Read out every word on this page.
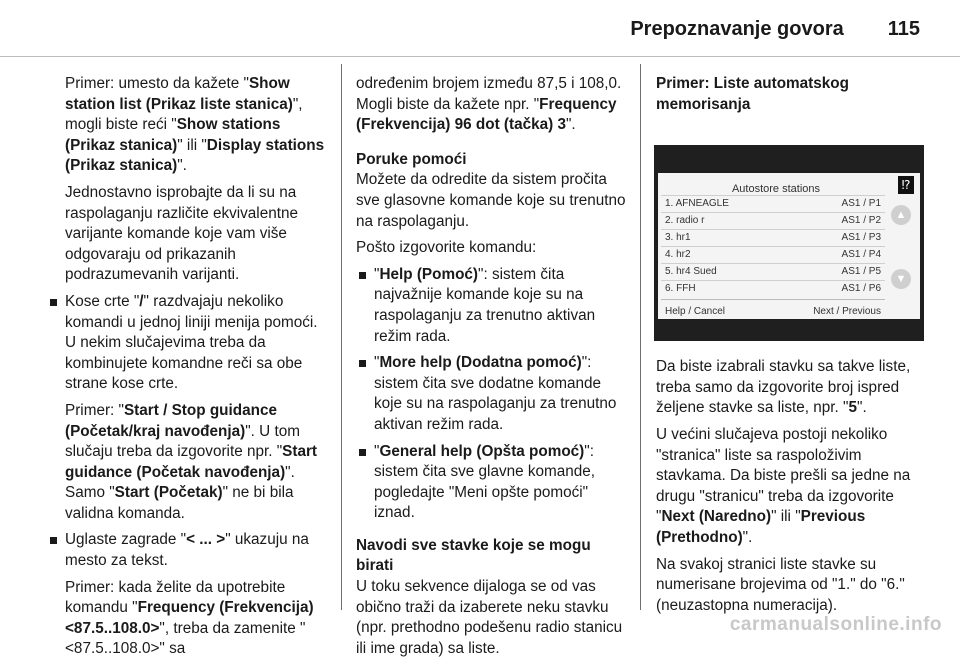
Prepoznavanje govora 115

Primer: umesto da kažete "Show station list (Prikaz liste stanica)", mogli biste reći "Show stations (Prikaz stanica)" ili "Display stations (Prikaz stanica)".

Jednostavno isprobajte da li su na raspolaganju različite ekvivalentne varijante komande koje vam više odgovaraju od prikazanih podrazumevanih varijanti.

Kose crte "/" razdvajaju nekoliko komandi u jednoj liniji menija pomoći. U nekim slučajevima treba da kombinujete komandne reči sa obe strane kose crte.

Primer: "Start / Stop guidance (Početak/kraj navođenja)". U tom slučaju treba da izgovorite npr. "Start guidance (Početak navođenja)". Samo "Start (Početak)" ne bi bila validna komanda.

Uglaste zagrade "< ... >" ukazuju na mesto za tekst.

Primer: kada želite da upotrebite komandu "Frequency (Frekvencija) <87.5..108.0>", treba da zamenite "<87.5..108.0>" sa

određenim brojem između 87,5 i 108,0. Mogli biste da kažete npr. "Frequency (Frekvencija) 96 dot (tačka) 3".

Poruke pomoći

Možete da odredite da sistem pročita sve glasovne komande koje su trenutno na raspolaganju.

Pošto izgovorite komandu:

"Help (Pomoć)": sistem čita najvažnije komande koje su na raspolaganju za trenutno aktivan režim rada.

"More help (Dodatna pomoć)": sistem čita sve dodatne komande koje su na raspolaganju za trenutno aktivan režim rada.

"General help (Opšta pomoć)": sistem čita sve glavne komande, pogledajte "Meni opšte pomoći" iznad.

Navodi sve stavke koje se mogu birati

U toku sekvence dijaloga se od vas obično traži da izaberete neku stavku (npr. prethodno podešenu radio stanicu ili ime grada) sa liste.

Primer: Liste automatskog memorisanja
Autostore stations	⁉
1. AFNEAGLE	AS1 / P1
2. radio r	AS1 / P2
3. hr1	AS1 / P3
4. hr2	AS1 / P4
5. hr4 Sued	AS1 / P5
6. FFH	AS1 / P6
▲
▼
Help / Cancel	Next / Previous

Da biste izabrali stavku sa takve liste, treba samo da izgovorite broj ispred željene stavke sa liste, npr. "5".

U većini slučajeva postoji nekoliko "stranica" liste sa raspoloživim stavkama. Da biste prešli sa jedne na drugu "stranicu" treba da izgovorite "Next (Naredno)" ili "Previous (Prethodno)".

Na svakoj stranici liste stavke su numerisane brojevima od "1." do "6." (neuzastopna numeracija).

carmanualsonline.info
